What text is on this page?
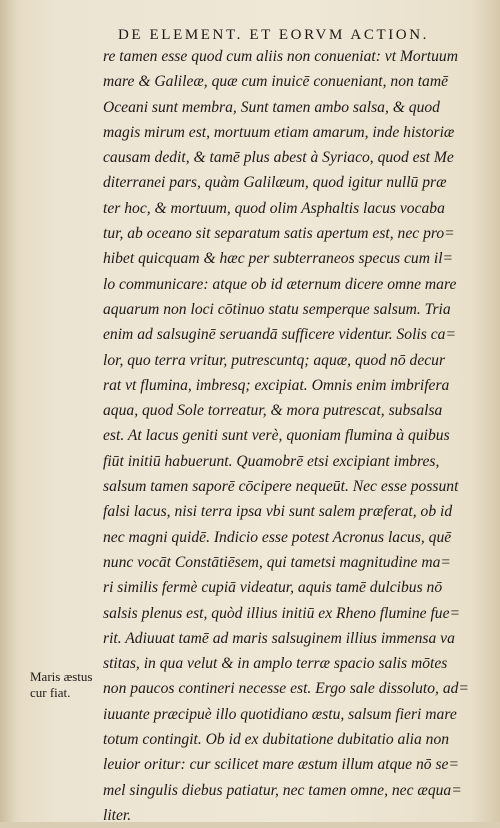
DE ELEMENT. ET EORVM ACTION.
re tamen esse quod cum aliis non conueniat: vt Mortuum
mare & Galileæ, quæ cum inuicē conueniant, non tamē
Oceani sunt membra, Sunt tamen ambo salsa, & quod
magis mirum est, mortuum etiam amarum, inde historiæ
causam dedit, & tamē plus abest à Syriaco, quod est Me
diterranei pars, quàm Galilæum, quod igitur nullū præ
ter hoc, & mortuum, quod olim Asphaltis lacus vocaba
tur, ab oceano sit separatum satis apertum est, nec pro=
hibet quicquam & hæc per subterraneos specus cum il=
lo communicare: atque ob id æternum dicere omne mare
aquarum non loci cōtinuo statu semperque salsum. Tria
enim ad salsuginē seruandā sufficere videntur. Solis ca=
lor, quo terra vritur, putrescuntq; aquæ, quod nō decur
rat vt flumina, imbresq; excipiat. Omnis enim imbrifera
aqua, quod Sole torreatur, & mora putrescat, subsalsa
est. At lacus geniti sunt verè, quoniam flumina à quibus
fiūt initiū habuerunt. Quamobrē etsi excipiant imbres,
salsum tamen saporē cōcipere nequeūt. Nec esse possunt
falsi lacus, nisi terra ipsa vbi sunt salem præferat, ob id
nec magni quidē. Indicio esse potest Acronus lacus, quē
nunc vocāt Constātiēsem, qui tametsi magnitudine ma=
ri similis fermè cupiā videatur, aquis tamē dulcibus nō
salsis plenus est, quòd illius initiū ex Rheno flumine fue=
rit. Adiuuat tamē ad maris salsuginem illius immensa va
stitas, in qua velut & in amplo terræ spacio salis mōtes
non paucos contineri necesse est. Ergo sale dissoluto, ad=
iuuante præcipuè illo quotidiano æstu, salsum fieri mare
totum contingit. Ob id ex dubitatione dubitatio alia non
leuior oritur: cur scilicet mare æstum illum atque nō se=
mel singulis diebus patiatur, nec tamen omne, nec æqua=
liter.
Maris æstus
cur fiat.
